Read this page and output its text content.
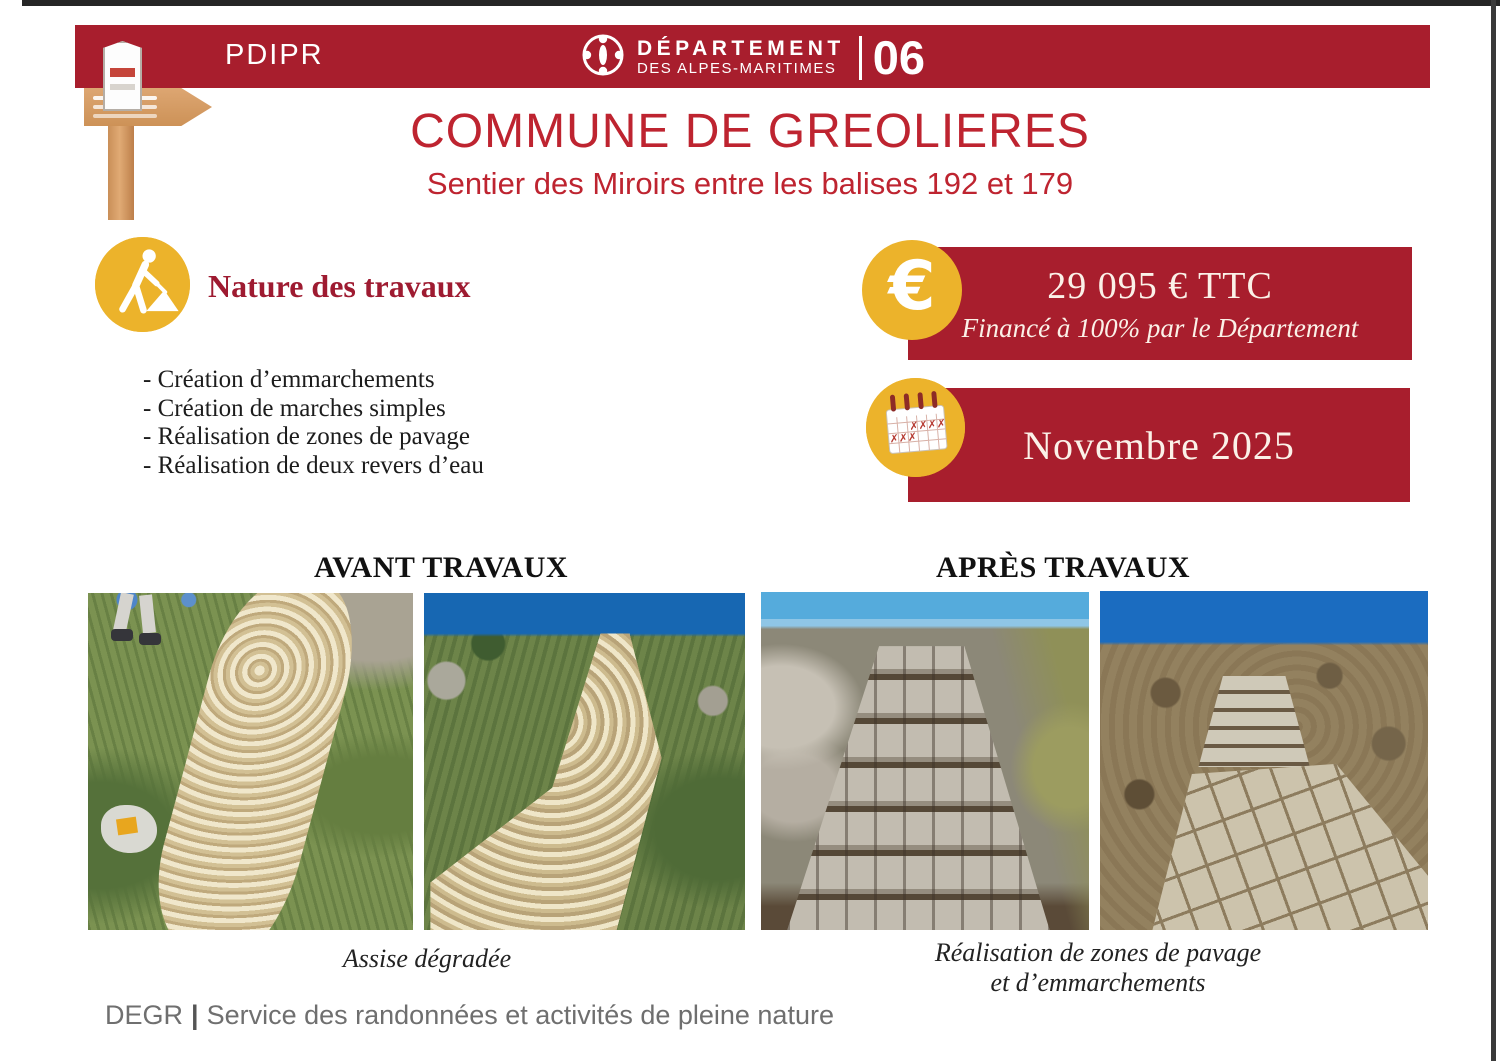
PDIPR	DÉPARTEMENT
DES ALPES-MARITIMES 06
COMMUNE DE GREOLIERES
Sentier des Miroirs entre les balises 192 et 179
Nature des travaux
- Création d’emmarchements
- Création de marches simples
- Réalisation de zones de pavage
- Réalisation de deux revers d’eau
€	29 095 € TTC
Financé à 100% par le Département
✗✗✗✗
✗✗✗	Novembre 2025
AVANT TRAVAUX	APRÈS TRAVAUX
Assise dégradée	Réalisation de zones de pavage
et d’emmarchements
DEGR | Service des randonnées et activités de pleine nature
